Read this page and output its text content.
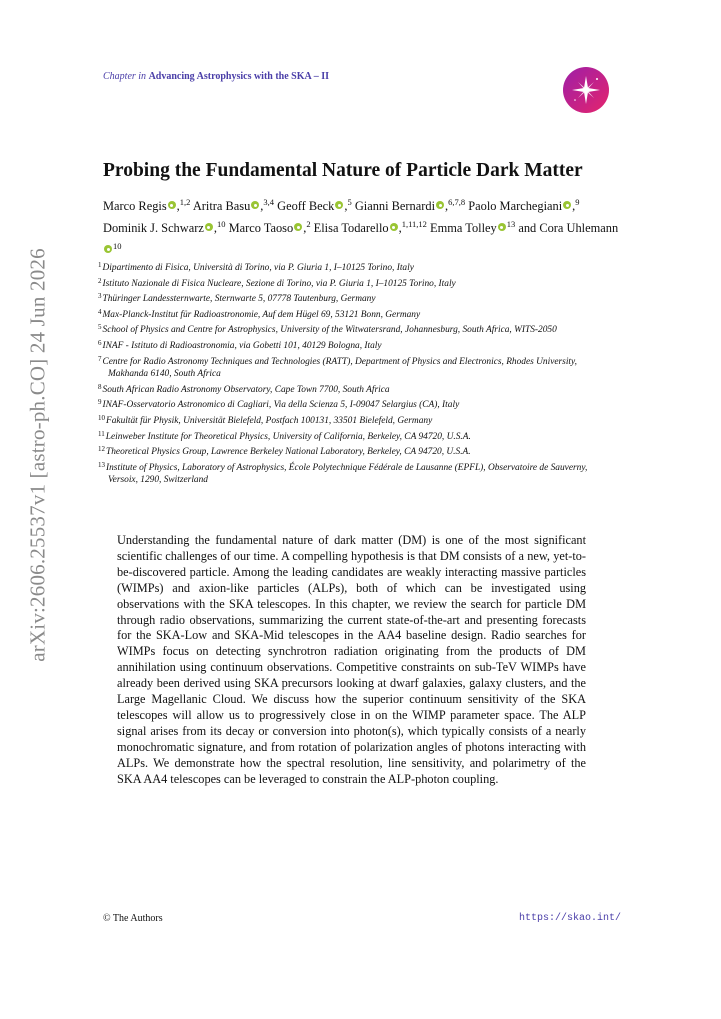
arXiv:2606.25537v1 [astro-ph.CO] 24 Jun 2026
Chapter in Advancing Astrophysics with the SKA – II
Probing the Fundamental Nature of Particle Dark Matter
Marco Regis ,$^{1,2}$ Aritra Basu ,$^{3,4}$ Geoff Beck ,$^5$ Gianni Bernardi ,$^{6,7,8}$ Paolo Marchegiani ,$^9$ Dominik J. Schwarz ,$^{10}$ Marco Taoso ,$^2$ Elisa Todarello ,$^{1,11,12}$ Emma Tolley $^{13}$ and Cora Uhlemann$^{10}$

$^1$Dipartimento di Fisica, Università di Torino, via P. Giuria 1, I–10125 Torino, Italy

$^2$Istituto Nazionale di Fisica Nucleare, Sezione di Torino, via P. Giuria 1, I–10125 Torino, Italy

$^3$Thüringer Landessternwarte, Sternwarte 5, 07778 Tautenburg, Germany

$^4$Max-Planck-Institut für Radioastronomie, Auf dem Hügel 69, 53121 Bonn, Germany

$^5$School of Physics and Centre for Astrophysics, University of the Witwatersrand, Johannesburg, South Africa, WITS-2050

$^6$INAF - Istituto di Radioastronomia, via Gobetti 101, 40129 Bologna, Italy

$^7$Centre for Radio Astronomy Techniques and Technologies (RATT), Department of Physics and Electronics, Rhodes University, Makhanda 6140, South Africa

$^8$South African Radio Astronomy Observatory, Cape Town 7700, South Africa

$^9$INAF-Osservatorio Astronomico di Cagliari, Via della Scienza 5, I-09047 Selargius (CA), Italy

$^{10}$Fakultät für Physik, Universität Bielefeld, Postfach 100131, 33501 Bielefeld, Germany

$^{11}$Leinweber Institute for Theoretical Physics, University of California, Berkeley, CA 94720, U.S.A.

$^{12}$Theoretical Physics Group, Lawrence Berkeley National Laboratory, Berkeley, CA 94720, U.S.A.

$^{13}$Institute of Physics, Laboratory of Astrophysics, École Polytechnique Fédérale de Lausanne (EPFL), Observatoire de Sauverny, Versoix, 1290, Switzerland

Understanding the fundamental nature of dark matter (DM) is one of the most significant scientific challenges of our time. A compelling hypothesis is that DM consists of a new, yet-to-be-discovered particle. Among the leading candidates are weakly interacting massive particles (WIMPs) and axion-like particles (ALPs), both of which can be investigated using observations with the SKA telescopes. In this chapter, we review the search for particle DM through radio observations, summarizing the current state-of-the-art and presenting forecasts for the SKA-Low and SKA-Mid telescopes in the AA4 baseline design. Radio searches for WIMPs focus on detecting synchrotron radiation originating from the products of DM annihilation using continuum observations. Competitive constraints on sub-TeV WIMPs have already been derived using SKA precursors looking at dwarf galaxies, galaxy clusters, and the Large Magellanic Cloud. We discuss how the superior continuum sensitivity of the SKA telescopes will allow us to progressively close in on the WIMP parameter space. The ALP signal arises from its decay or conversion into photon(s), which typically consists of a nearly monochromatic signature, and from rotation of polarization angles of photons interacting with ALPs. We demonstrate how the spectral resolution, line sensitivity, and polarimetry of the SKA AA4 telescopes can be leveraged to constrain the ALP-photon coupling.
© The Authors	https://skao.int/
